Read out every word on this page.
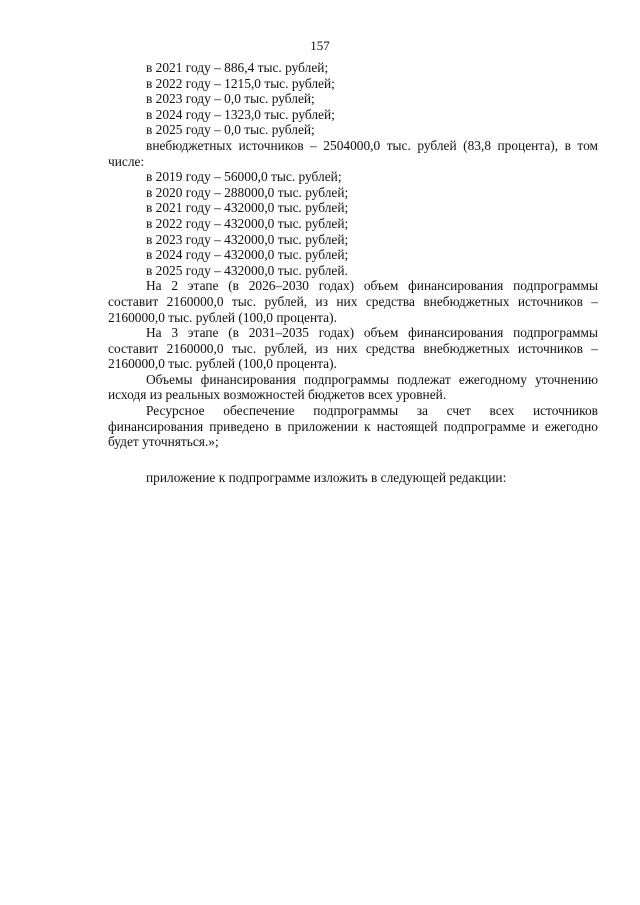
157
в 2021 году – 886,4 тыс. рублей;
в 2022 году – 1215,0 тыс. рублей;
в 2023 году – 0,0 тыс. рублей;
в 2024 году – 1323,0 тыс. рублей;
в 2025 году – 0,0 тыс. рублей;
внебюджетных источников – 2504000,0 тыс. рублей (83,8 процента), в том числе:
в 2019 году – 56000,0 тыс. рублей;
в 2020 году – 288000,0 тыс. рублей;
в 2021 году – 432000,0 тыс. рублей;
в 2022 году – 432000,0 тыс. рублей;
в 2023 году – 432000,0 тыс. рублей;
в 2024 году – 432000,0 тыс. рублей;
в 2025 году – 432000,0 тыс. рублей.
На 2 этапе (в 2026–2030 годах) объем финансирования подпрограммы составит 2160000,0 тыс. рублей, из них средства внебюджетных источников – 2160000,0 тыс. рублей (100,0 процента).
На 3 этапе (в 2031–2035 годах) объем финансирования подпрограммы составит 2160000,0 тыс. рублей, из них средства внебюджетных источников – 2160000,0 тыс. рублей (100,0 процента).
Объемы финансирования подпрограммы подлежат ежегодному уточнению исходя из реальных возможностей бюджетов всех уровней.
Ресурсное обеспечение подпрограммы за счет всех источников финансирования приведено в приложении к настоящей подпрограмме и ежегодно будет уточняться.»;
приложение к подпрограмме изложить в следующей редакции:
